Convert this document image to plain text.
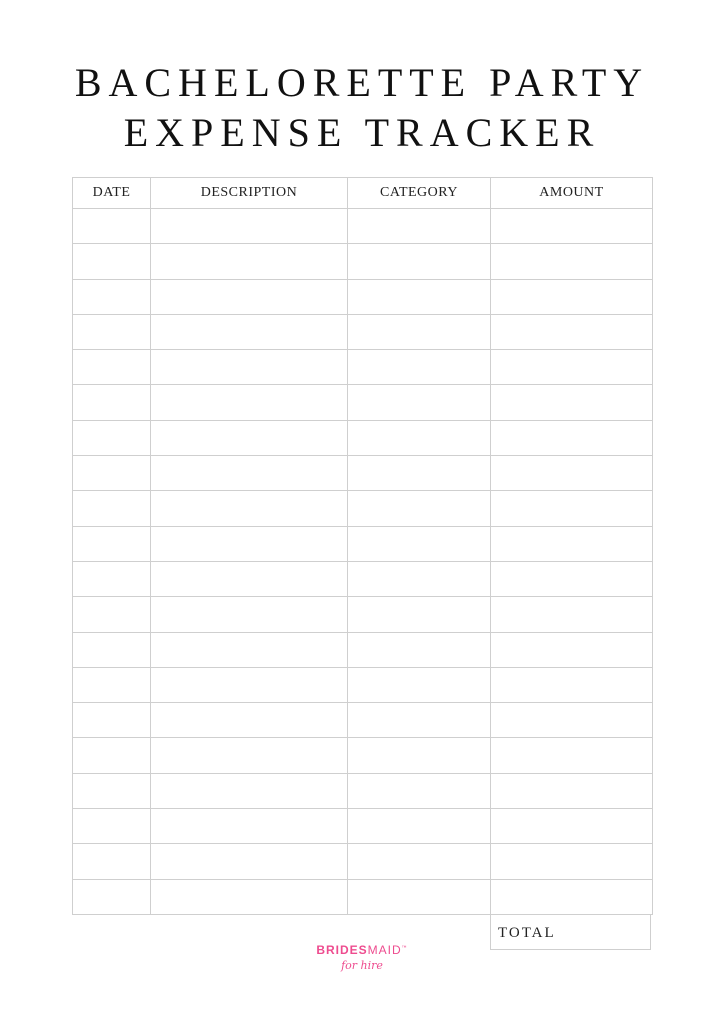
BACHELORETTE PARTY
EXPENSE TRACKER
DATE	DESCRIPTION	CATEGORY	AMOUNT

TOTAL
BRIDESMAID™
for hire
